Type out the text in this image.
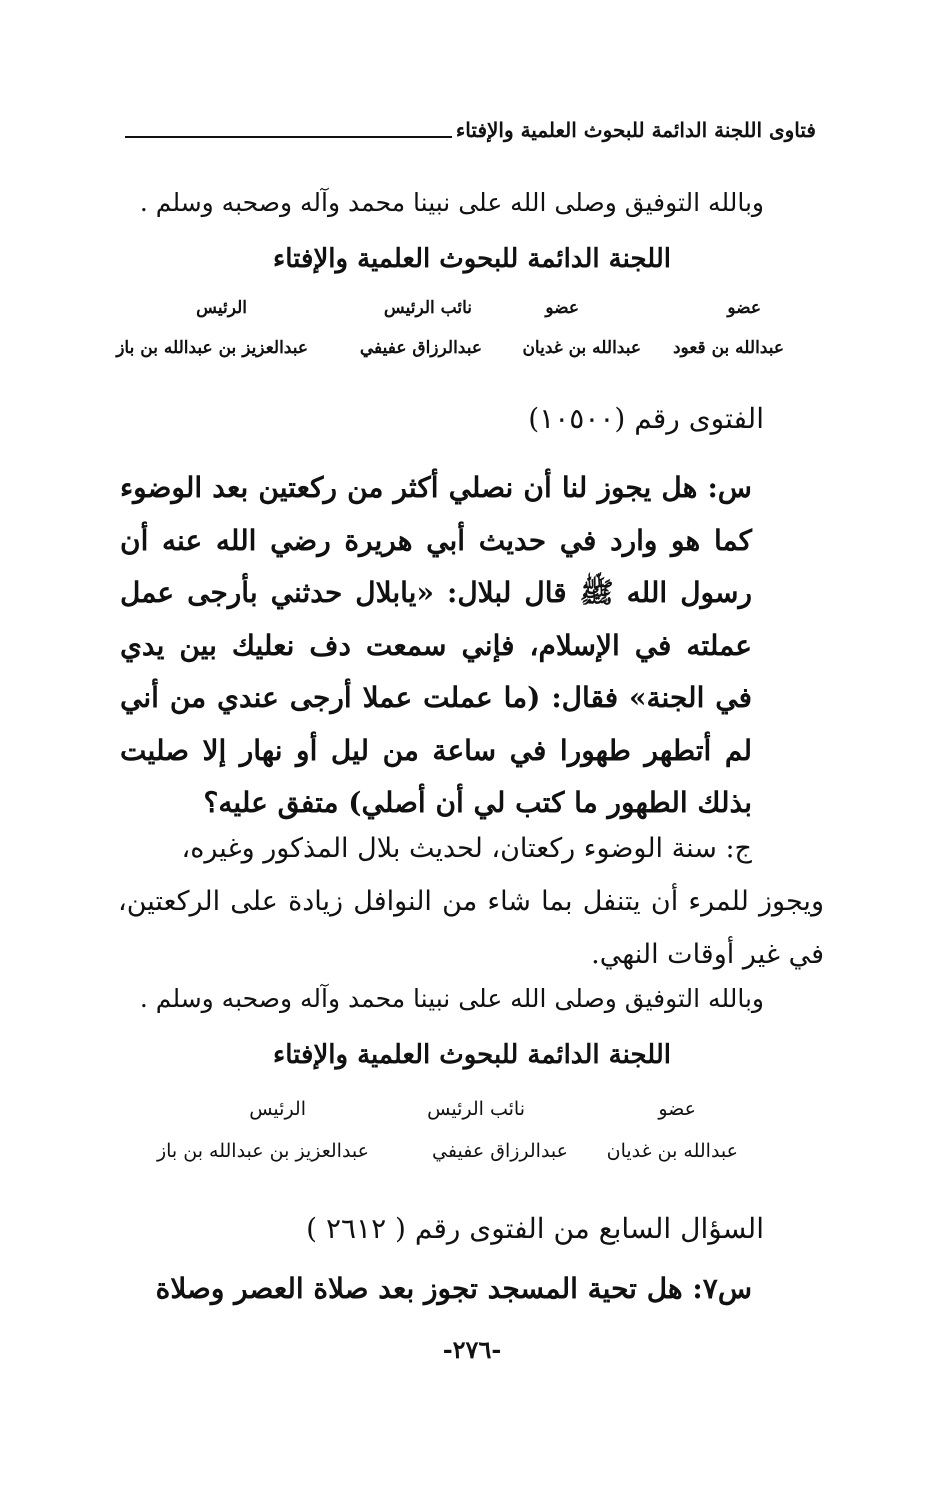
فتاوى اللجنة الدائمة للبحوث العلمية والإفتاء
وبالله التوفيق وصلى الله على نبينا محمد وآله وصحبه وسلم .
اللجنة الدائمة للبحوث العلمية والإفتاء
عضو
عبدالله بن قعود
عضو
عبدالله بن غديان
نائب الرئيس
عبدالرزاق عفيفي
الرئيس
عبدالعزيز بن عبدالله بن باز
الفتوى رقم (١٠٥٠٠)

س: هل يجوز لنا أن نصلي أكثر من ركعتين بعد الوضوء كما هو وارد في حديث أبي هريرة رضي الله عنه أن رسول الله ﷺ قال لبلال: «يابلال حدثني بأرجى عمل عملته في الإسلام، فإني سمعت دف نعليك بين يدي في الجنة» فقال: (ما عملت عملا أرجى عندي من أني لم أتطهر طهورا في ساعة من ليل أو نهار إلا صليت بذلك الطهور ما كتب لي أن أصلي) متفق عليه؟

ج: سنة الوضوء ركعتان، لحديث بلال المذكور وغيره،

ويجوز للمرء أن يتنفل بما شاء من النوافل زيادة على الركعتين، في غير أوقات النهي.

وبالله التوفيق وصلى الله على نبينا محمد وآله وصحبه وسلم .
اللجنة الدائمة للبحوث العلمية والإفتاء
عضو
عبدالله بن غديان
نائب الرئيس
عبدالرزاق عفيفي
الرئيس
عبدالعزيز بن عبدالله بن باز
السؤال السابع من الفتوى رقم ( ٢٦١٢ )
س٧: هل تحية المسجد تجوز بعد صلاة العصر وصلاة
-٢٧٦-
